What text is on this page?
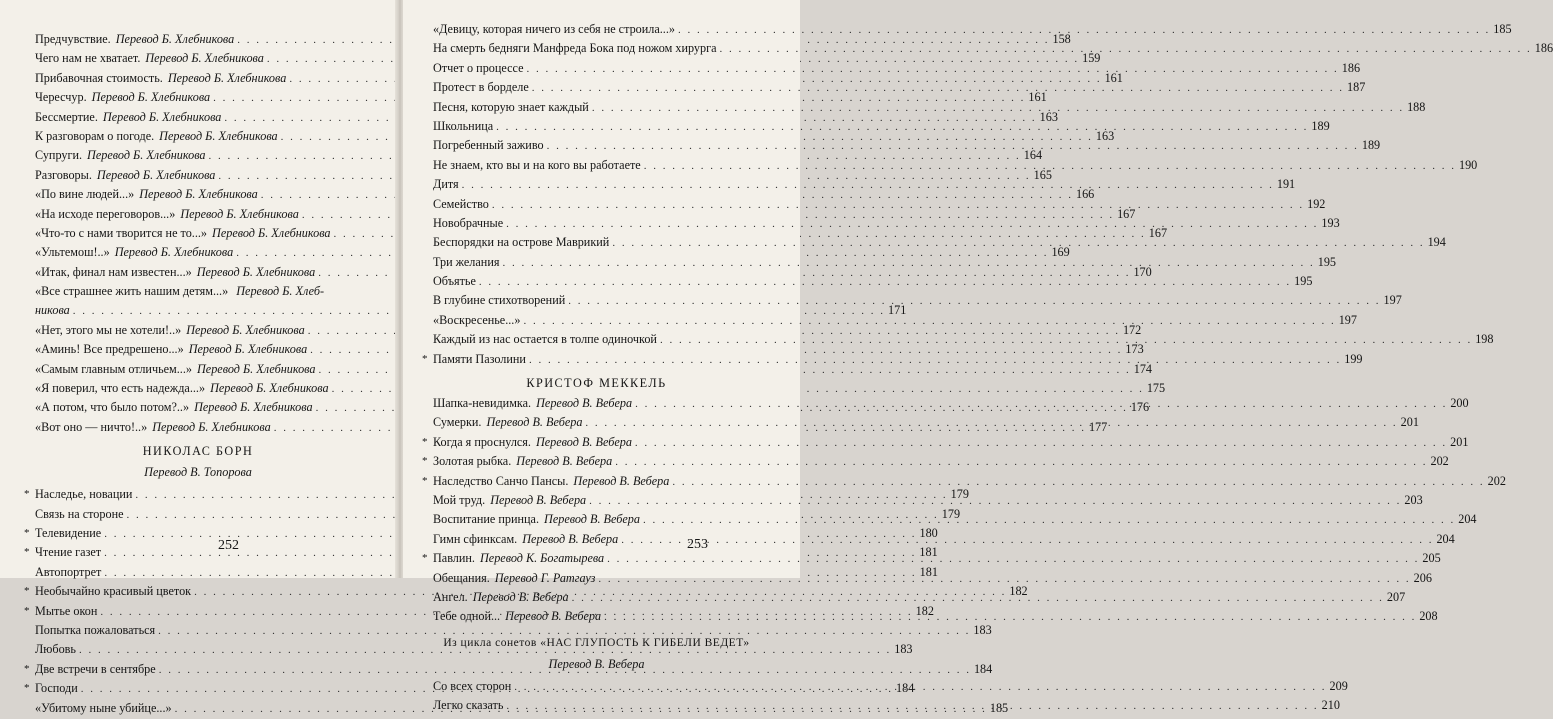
Предчувствие. Перевод Б. Хлебникова . . .	158
Чего нам не хватает. Перевод Б. Хлебникова . . .	159
Прибавочная стоимость. Перевод Б. Хлебникова . . .	161
Чересчур. Перевод Б. Хлебникова . . .	161
Бессмертие. Перевод Б. Хлебникова . . .	163
К разговорам о погоде. Перевод Б. Хлебникова . . .	163
Супруги. Перевод Б. Хлебникова . . .	164
Разговоры. Перевод Б. Хлебникова . . .	165
«По вине людей...» Перевод Б. Хлебникова . . .	166
«На исходе переговоров...» Перевод Б. Хлебникова . . .	167
«Что-то с нами творится не то...» Перевод Б. Хлебникова . . .	167
«Ультемош!..» Перевод Б. Хлебникова . . .	169
«Итак, финал нам известен...» Перевод Б. Хлебникова . . .	170
«Все страшнее жить нашим детям...» Перевод Б. Хлеб-
никова . . .	171
«Нет, этого мы не хотели!..» Перевод Б. Хлебникова . . .	172
«Аминь! Все предрешено...» Перевод Б. Хлебникова . . .	173
«Самым главным отличьем...» Перевод Б. Хлебникова . . .	174
«Я поверил, что есть надежда...» Перевод Б. Хлебникова . . .	175
«А потом, что было потом?..» Перевод Б. Хлебникова . . .	176
«Вот оно — ничто!..» Перевод Б. Хлебникова . . .	177
НИКОЛАС БОРН
Перевод В. Топорова
* Наследье, новации . . .	179
Связь на стороне . . .	179
* Телевидение . . .	180
* Чтение газет . . .	181
Автопортрет . . .	181
* Необычайно красивый цветок . . .	182
* Мытье окон . . .	182
Попытка пожаловаться . . .	183
Любовь . . .	183
* Две встречи в сентябре . . .	184
* Господи . . .	184
«Убитому ныне убийце...» . . .	185
252
«Девицу, которая ничего из себя не строила...» . . .	185
На смерть бедняги Манфреда Бока под ножом хирурга . . .	186
Отчет о процессе . . .	186
Протест в борделе . . .	187
Песня, которую знает каждый . . .	188
Школьница . . .	189
Погребенный заживо . . .	189
Не знаем, кто вы и на кого вы работаете . . .	190
Дитя . . .	191
Семейство . . .	192
Новобрачные . . .	193
Беспорядки на острове Маврикий . . .	194
Три желания . . .	195
Объятье . . .	195
В глубине стихотворений . . .	197
«Воскресенье...» . . .	197
Каждый из нас остается в толпе одиночкой . . .	198
* Памяти Пазолини . . .	199
КРИСТОФ МЕККЕЛЬ
Шапка-невидимка. Перевод В. Вебера . . .	200
Сумерки. Перевод В. Вебера . . .	201
* Когда я проснулся. Перевод В. Вебера . . .	201
* Золотая рыбка. Перевод В. Вебера . . .	202
* Наследство Санчо Пансы. Перевод В. Вебера . . .	202
Мой труд. Перевод В. Вебера . . .	203
Воспитание принца. Перевод В. Вебера . . .	204
Гимн сфинксам. Перевод В. Вебера . . .	204
* Павлин. Перевод К. Богатырева . . .	205
Обещания. Перевод Г. Ратгауз . . .	206
Ангел. Перевод В. Вебера . . .	207
Тебе одной... Перевод В. Вебера . . .	208
Из цикла сонетов «НАС ГЛУПОСТЬ К ГИБЕЛИ ВЕДЕТ»
Перевод В. Вебера
Со всех сторон . . .	209
Легко сказать . . .	210
253
